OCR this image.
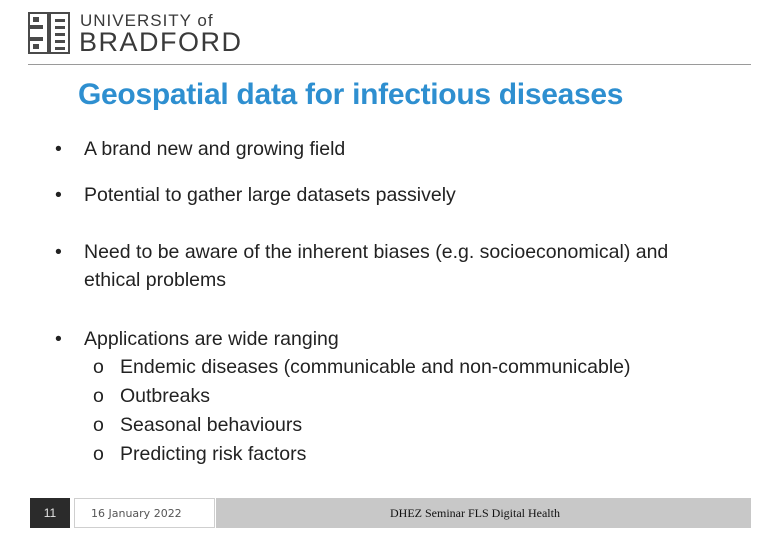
UNIVERSITY of
BRADFORD
Geospatial data for infectious diseases
• A brand new and growing field
• Potential to gather large datasets passively
• Need to be aware of the inherent biases (e.g. socioeconomical) and ethical problems
• Applications are wide ranging
o Endemic diseases (communicable and non-communicable)
o Outbreaks
o Seasonal behaviours
o Predicting risk factors
11	16 January 2022	DHEZ Seminar FLS Digital Health
